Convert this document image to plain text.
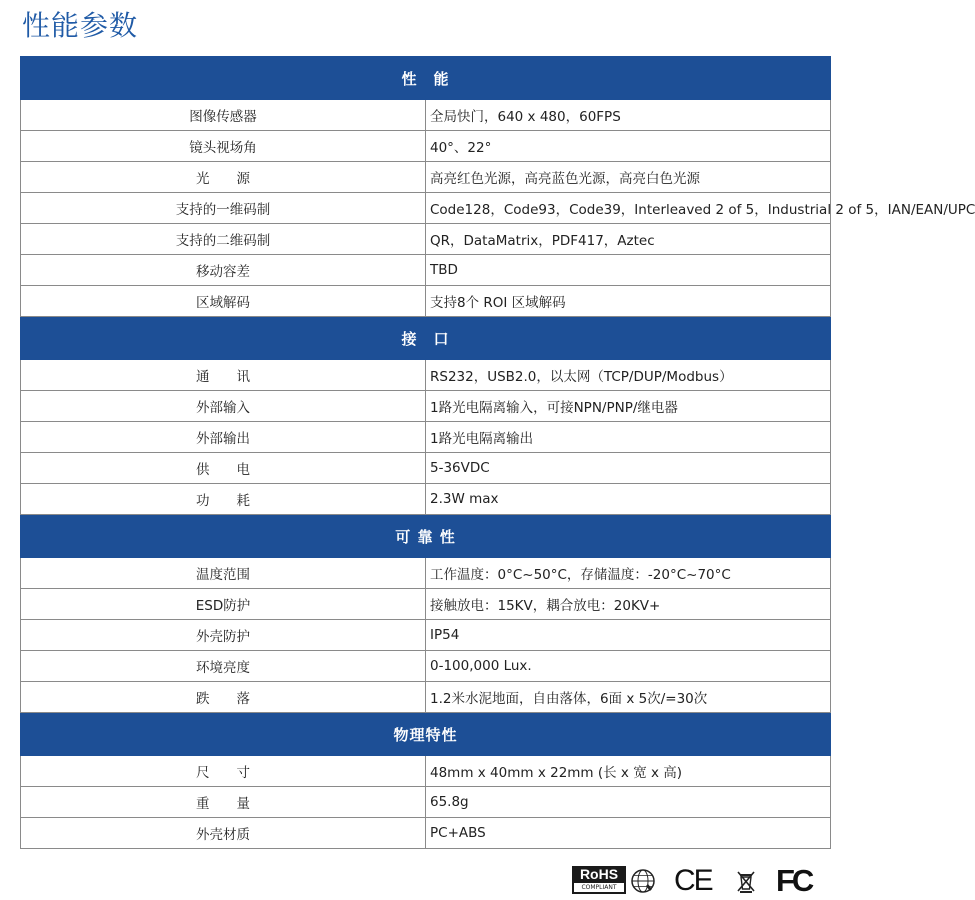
性能参数
性　能	
图像传感器	全局快门，640 x 480，60FPS
镜头视场角	40°、22°
光　　源	高亮红色光源，高亮蓝色光源，高亮白色光源
支持的一维码制	Code128，Code93，Code39，Interleaved 2 of 5，Industrial 2 of 5，IAN/EAN/UPC
支持的二维码制	QR，DataMatrix，PDF417，Aztec
移动容差	TBD
区域解码	支持8个 ROI 区域解码
接　口	
通　　讯	RS232，USB2.0，以太网（TCP/DUP/Modbus）
外部输入	1路光电隔离输入，可接NPN/PNP/继电器
外部输出	1路光电隔离输出
供　　电	5-36VDC
功　　耗	2.3W max
可 靠 性	
温度范围	工作温度：0°C~50°C，存储温度：-20°C~70°C
ESD防护	接触放电：15KV，耦合放电：20KV+
外壳防护	IP54
环境亮度	0-100,000 Lux.
跌　　落	1.2米水泥地面，自由落体，6面 x 5次/=30次
物理特性	
尺　　寸	48mm x 40mm x 22mm (长 x 宽 x 高)
重　　量	65.8g
外壳材质	PC+ABS
RoHS
COMPLIANT CE FC
